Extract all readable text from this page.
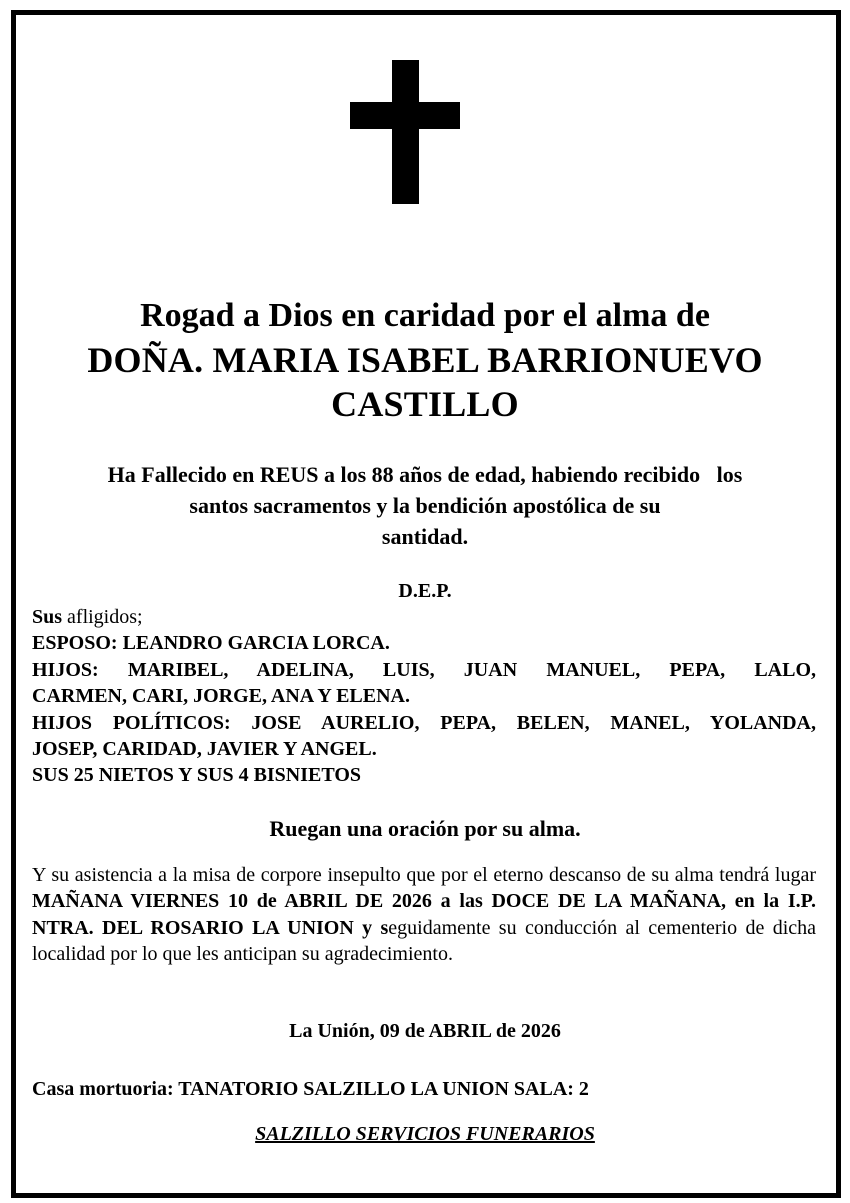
Rogad a Dios en caridad por el alma de
DOÑA. MARIA ISABEL BARRIONUEVO
CASTILLO
Ha Fallecido en REUS a los 88 años de edad, habiendo recibido   los
santos sacramentos y la bendición apostólica de su
santidad.
D.E.P.
Sus afligidos;
ESPOSO: LEANDRO GARCIA LORCA.
HIJOS: MARIBEL, ADELINA, LUIS, JUAN MANUEL, PEPA, LALO,
CARMEN, CARI, JORGE, ANA Y ELENA.
HIJOS POLÍTICOS: JOSE AURELIO, PEPA, BELEN, MANEL, YOLANDA,
JOSEP, CARIDAD, JAVIER Y ANGEL.
SUS 25 NIETOS Y SUS 4 BISNIETOS
Ruegan una oración por su alma.
Y su asistencia a la misa de corpore insepulto que por el eterno descanso de su alma tendrá lugar MAÑANA VIERNES 10 de ABRIL DE 2026 a las DOCE DE LA MAÑANA, en la I.P. NTRA. DEL ROSARIO LA UNION y seguidamente su conducción al cementerio de dicha localidad por lo que les anticipan su agradecimiento.
La Unión, 09 de ABRIL de 2026
Casa mortuoria: TANATORIO SALZILLO LA UNION SALA: 2
SALZILLO SERVICIOS FUNERARIOS
